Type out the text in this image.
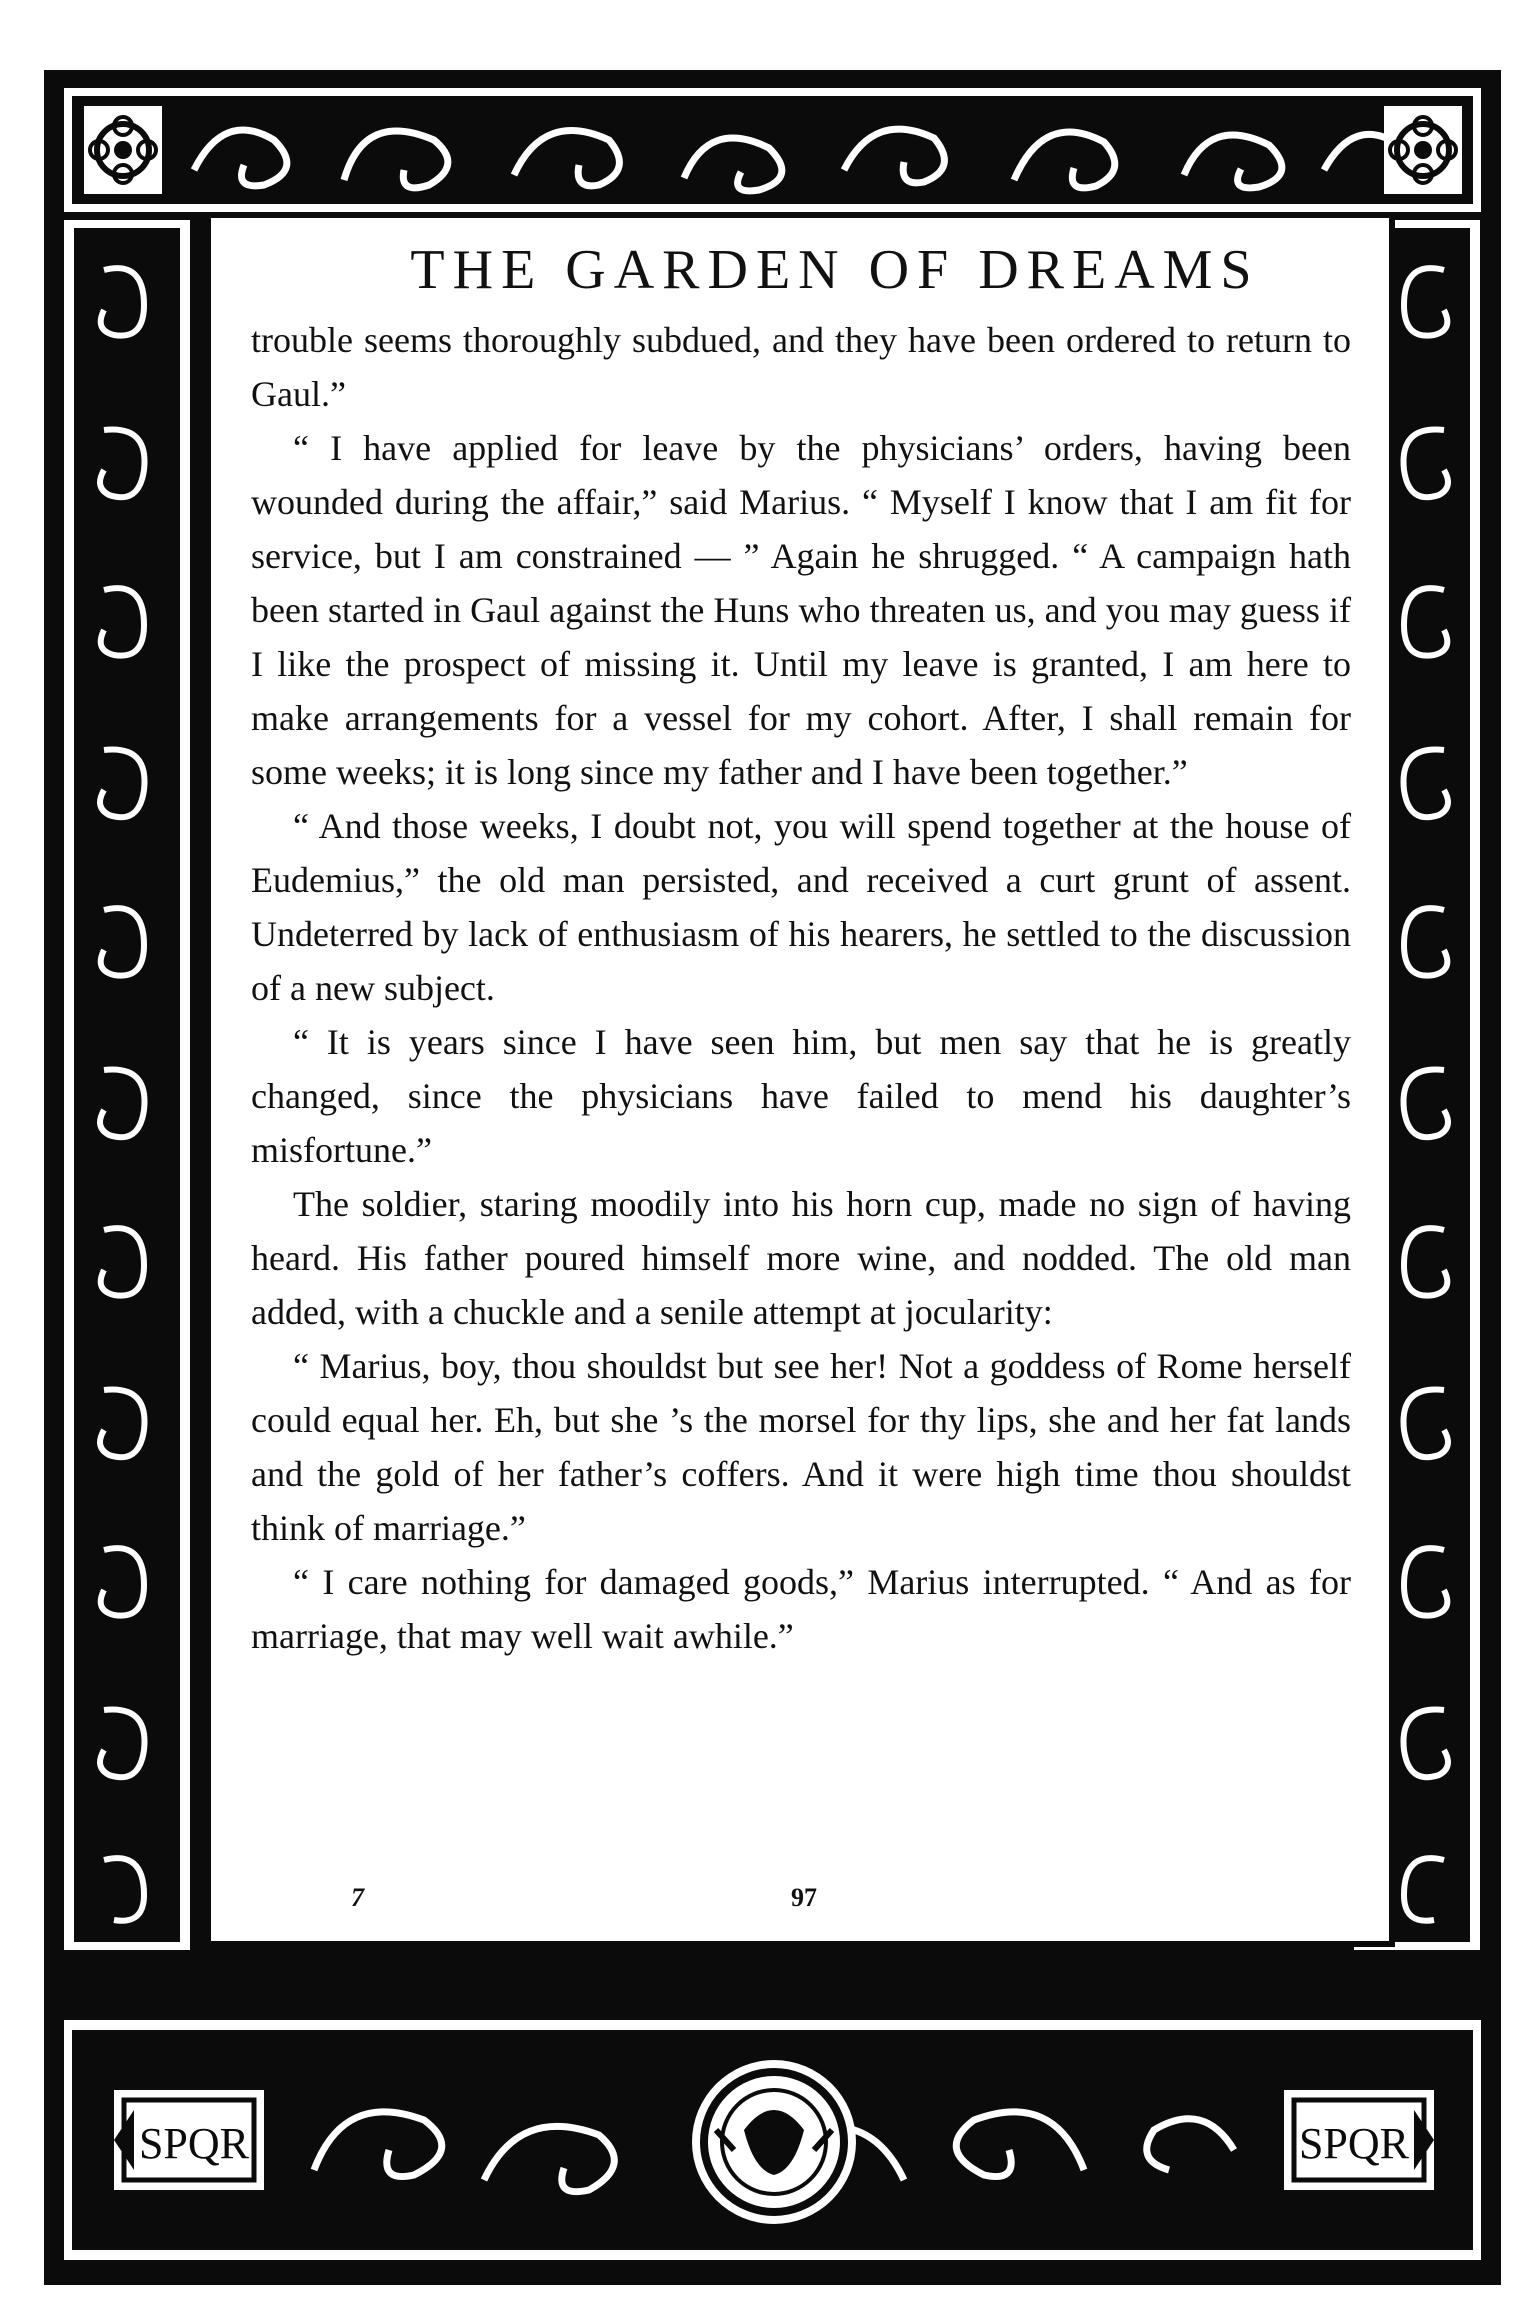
SPQR	SPQR
THE GARDEN OF DREAMS

trouble seems thoroughly subdued, and they have been ordered to return to Gaul.”

“ I have applied for leave by the physicians’ orders, having been wounded during the affair,” said Marius. “ Myself I know that I am fit for service, but I am constrained — ” Again he shrugged. “ A campaign hath been started in Gaul against the Huns who threaten us, and you may guess if I like the prospect of missing it. Until my leave is granted, I am here to make arrangements for a vessel for my cohort. After, I shall remain for some weeks; it is long since my father and I have been together.”

“ And those weeks, I doubt not, you will spend together at the house of Eudemius,” the old man persisted, and received a curt grunt of assent. Undeterred by lack of enthusiasm of his hearers, he settled to the discussion of a new subject.

“ It is years since I have seen him, but men say that he is greatly changed, since the physicians have failed to mend his daughter’s misfortune.”

The soldier, staring moodily into his horn cup, made no sign of having heard. His father poured himself more wine, and nodded. The old man added, with a chuckle and a senile attempt at jocularity:

“ Marius, boy, thou shouldst but see her! Not a goddess of Rome herself could equal her. Eh, but she ’s the morsel for thy lips, she and her fat lands and the gold of her father’s coffers. And it were high time thou shouldst think of marriage.”

“ I care nothing for damaged goods,” Marius interrupted. “ And as for marriage, that may well wait awhile.”

7	97
